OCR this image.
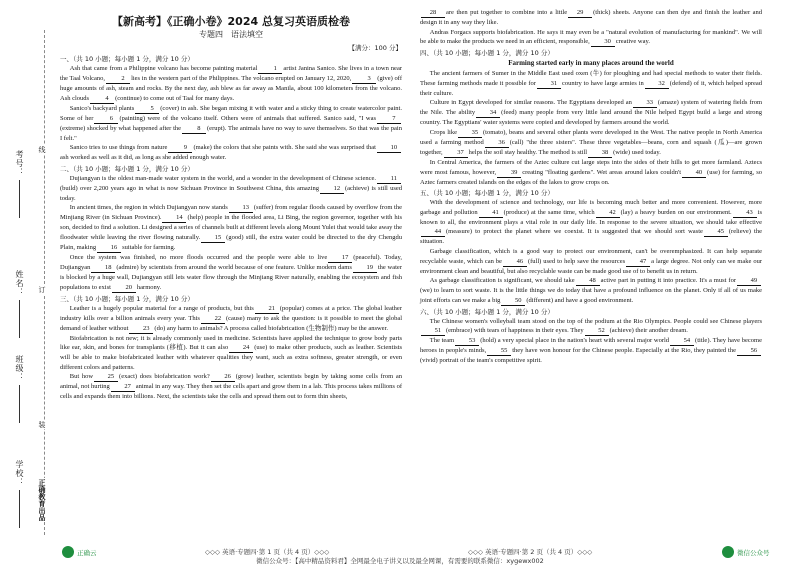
考号：
姓名：
班级：
学校：
线
订
装
正确教育出品
【新高考】《正确小卷》2024 总复习英语质检卷
专题四　语法填空
【满分：100 分】
一、（共 10 小题；每小题 1 分，满分 10 分）
Ash that came from a Philippine volcano has become painting material	1 artist Janina Sanico. She lives in a town near the Taal Volcano,	2 lies in the western part of the Philippines. The volcano erupted on January 12, 2020,	3 (give) off huge amounts of ash, steam and rocks. By the next day, ash blew as far away as Manila, about 100 kilometers from the volcano. Ash clouds	4 (continue) to come out of Taal for many days.
Sanico's backyard plants	5 (cover) in ash. She began mixing it with water and a sticky thing to create watercolor paint. Some of her	6 (painting) were of the volcano itself. Others were of animals that suffered. Sanico said, "I was	7(extreme) shocked by what happened after the	8 (erupt). The animals have no way to save themselves. So that was the pain I felt."
Sanico tries to use things from nature	9 (make) the colors that she paints with. She said she was surprised that 10ash worked as well as it did, as long as she added enough water.
二、（共 10 小题；每小题 1 分，满分 10 分）
Dujiangyan is the oldest man-made water system in the world, and a wonder in the development of Chinese science. 11(build) over 2,200 years ago in what is now Sichuan Province in Southwest China, this amazing 12 (achieve) is still used today.
In ancient times, the region in which Dujiangyan now stands 13 (suffer) from regular floods caused by overflow from the Minjiang River (in Sichuan Province). 14 (help) people in the flooded area, Li Bing, the region governor, together with his son, decided to find a solution. Li designed a series of channels built at different levels along Mount Yulei that would take away the floodwater while leaving the river flowing naturally. 15 (good) still, the extra water could be directed to the dry Chengdu Plain, making 16 suitable for farming.
Once the system was finished, no more floods occurred and the people were able to live 17 (peaceful). Today, Dujiangyan 18 (admire) by scientists from around the world because of one feature. Unlike modern dams 19 the water is blocked by a huge wall, Dujiangyan still lets water flow through the Minjiang River naturally, enabling the ecosystem and fish populations to exist 20 harmony.
三、（共 10 小题；每小题 1 分，满分 10 分）
Leather is a hugely popular material for a range of products, but this 21 (popular) comes at a price. The global leather industry kills over a billion animals every year. This 22 (cause) many to ask the question: is it possible to meet the global demand of leather without 23 (do) any harm to animals? A process called biofabrication (生物制作) may be the answer.
Biofabrication is not new; it is already commonly used in medicine. Scientists have applied the technique to grow body parts like ear, skin, and bones for transplants (移植). But it can also 24 (use) to make other products, such as leather. Scientists will be able to make biofabricated leather with whatever qualities they want, such as extra softness, greater strength, or even different colors and patterns.
But how 25 (exact) does biofabrication work? 26 (grow) leather, scientists begin by taking some cells from an animal, not hurting 27 animal in any way. They then set the cells apart and grow them in a lab. This process takes millions of cells and expands them into billions. Next, the scientists take the cells and spread them out to form thin sheets,
28 are then put together to combine into a little 29 (thick) sheets. Anyone can then dye and finish the leather and design it in any way they like.
Andras Forgacs supports biofabrication. He says it may even be a "natural evolution of manufacturing for mankind". We will be able to make the products we need in an efficient, responsible, 30 creative way.
四、（共 10 小题；每小题 1 分，满分 10 分）
Farming started early in many places around the world
The ancient farmers of Sumer in the Middle East used oxen (牛) for ploughing and had special methods to water their fields. These farming methods made it possible for 31 country to have large armies in 32 (defend) of it, which helped spread their culture.
Culture in Egypt developed for similar reasons. The Egyptians developed an 33 (amaze) system of watering fields from the Nile. The ability 34 (feed) many people from very little land around the Nile helped Egypt build a large and strong country. The Egyptians' water systems were copied and developed by farmers around the world.
Crops like 35 (tomato), beans and several other plants were developed in the West. The native people in North America used a farming method 36 (call) "the three sisters". These three vegetables—beans, corn and squash (瓜)—are grown together, 37 helps the soil stay healthy. The method is still 38 (wide) used today.
In Central America, the farmers of the Aztec culture cut large steps into the sides of their hills to get more farmland. Aztecs were most famous, however, 39 creating "floating gardens". Wet areas around lakes couldn't 40 (use) for farming, so Aztec farmers created islands on the edges of the lakes to grow crops on.
五、（共 10 小题；每小题 1 分，满分 10 分）
With the development of science and technology, our life is becoming much better and more convenient. However, more garbage and pollution 41 (produce) at the same time, which 42 (lay) a heavy burden on our environment. 43 is known to all, the environment plays a vital role in our daily life. In response to the severe situation, we should take effective44 (measure) to protect the planet where we coexist. It is suggested that we should sort waste 45 (relieve) the situation.
Garbage classification, which is a good way to protect our environment, can't be overemphasized. It can help separate recyclable waste, which can be 46 (full) used to help save the resources 47 a large degree. Not only can we make our environment clean and beautiful, but also recyclable waste can be made good use of to benefit us in return.
As garbage classification is significant, we should take 48 active part in putting it into practice. It's a must for 49(we) to learn to sort waste. It is the little things we do today that have a profound influence on the planet. Only if all of us make joint efforts can we make a big 50 (different) and have a good environment.
六、（共 10 小题；每小题 1 分，满分 10 分）
The Chinese women's volleyball team stood on the top of the podium at the Rio Olympics. People could see Chinese players51 (embrace) with tears of happiness in their eyes. They 52 (achieve) their another dream.
The team 53 (hold) a very special place in the nation's heart with several major world 54 (title). They have become heroes in people's minds, 55 they have won honour for the Chinese people. Especially at the Rio, they painted the 56(vivid) portrait of the team's competitive spirit.
正确云	◇◇◇ 英语·专题四·第 1 页（共 4 页）◇◇◇	◇◇◇ 英语·专题四·第 2 页（共 4 页）◇◇◇	微信公众号
微信公众号：【高中精品资料君】全网最全电子讲义以及最全网课，有需要的联系微信：xygewx002
